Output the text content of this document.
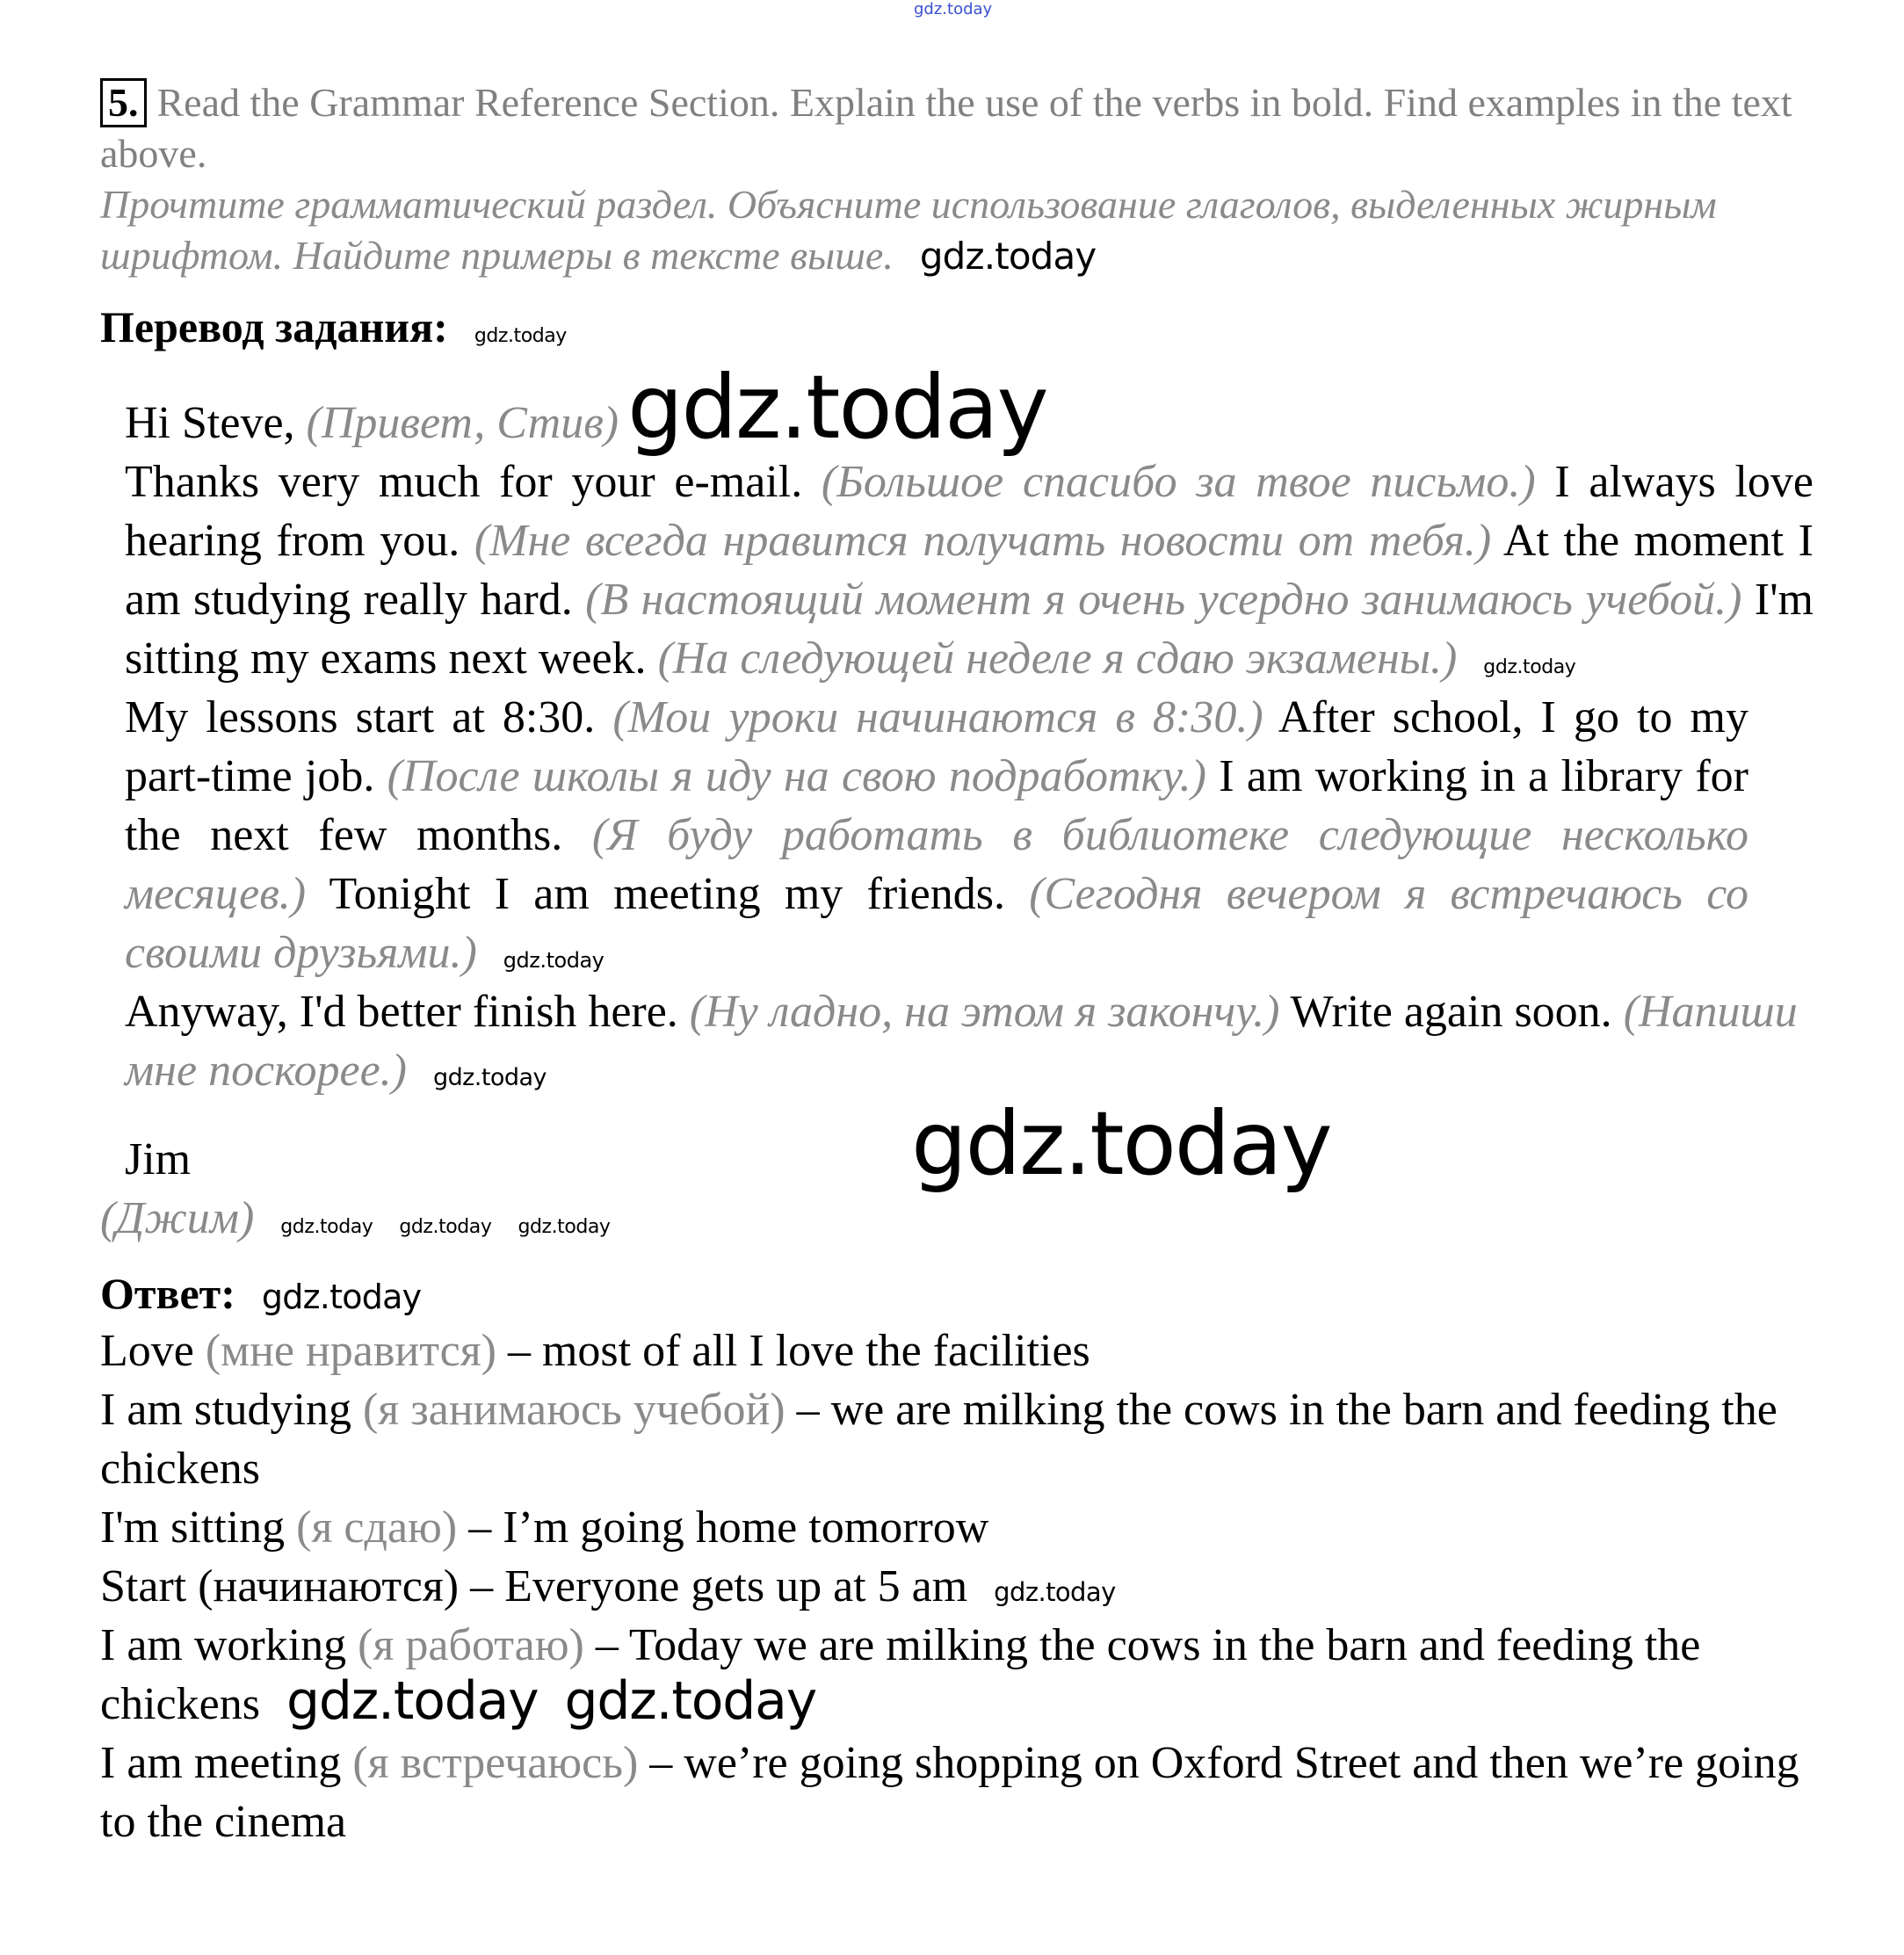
gdz.today
5. Read the Grammar Reference Section. Explain the use of the verbs in bold. Find examples in the text above.
Прочтите грамматический раздел. Объясните использование глаголов, выделенных жирным шрифтом. Найдите примеры в тексте выше. gdz.today
Перевод задания: gdz.today
Hi Steve, (Привет, Стив) gdz.today
Thanks very much for your e-mail. (Большое спасибо за твое письмо.) I always love hearing from you. (Мне всегда нравится получать новости от тебя.) At the moment I am studying really hard. (В настоящий момент я очень усердно занимаюсь учебой.) I'm sitting my exams next week. (На следующей неделе я сдаю экзамены.) gdz.today
My lessons start at 8:30. (Мои уроки начинаются в 8:30.) After school, I go to my part-time job. (После школы я иду на свою подработку.) I am working in a library for the next few months. (Я буду работать в библиотеке следующие несколько месяцев.) Tonight I am meeting my friends. (Сегодня вечером я встречаюсь со своими друзьями.) gdz.today
Anyway, I'd better finish here. (Ну ладно, на этом я закончу.) Write again soon. (Напиши мне поскорее.) gdz.today
Jim	gdz.today
(Джим) gdz.today gdz.today gdz.today
Ответ: gdz.today
Love (мне нравится) – most of all I love the facilities
I am studying (я занимаюсь учебой) – we are milking the cows in the barn and feeding the chickens
I'm sitting (я сдаю) – I’m going home tomorrow
Start (начинаются) – Everyone gets up at 5 am gdz.today
I am working (я работаю) – Today we are milking the cows in the barn and feeding the chickens gdz.today gdz.today
I am meeting (я встречаюсь) – we’re going shopping on Oxford Street and then we’re going to the cinema
